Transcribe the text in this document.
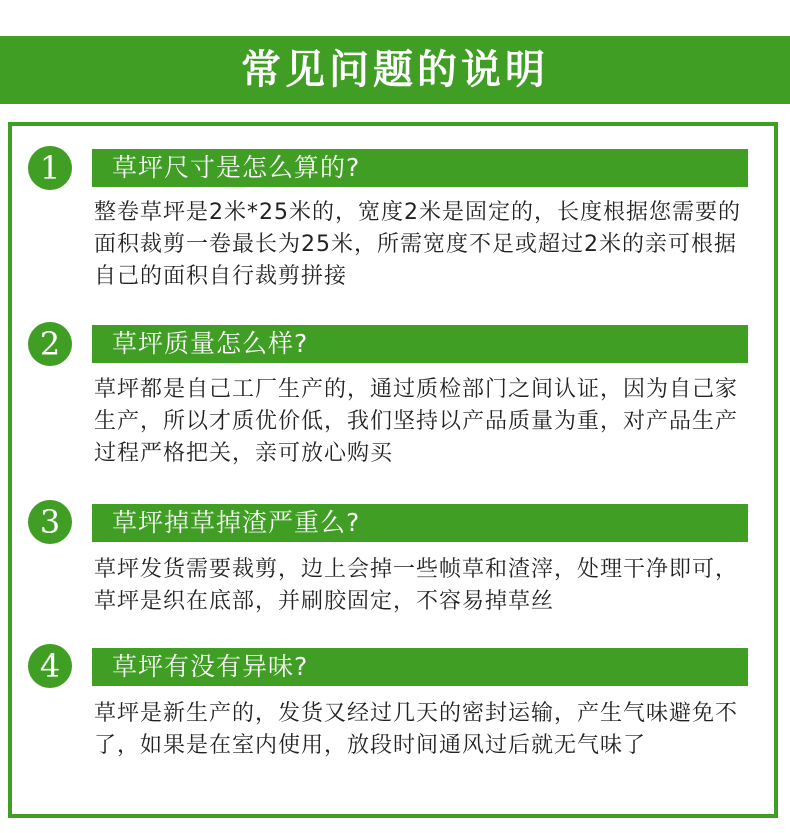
常见问题的说明
1	草坪尺寸是怎么算的?
整卷草坪是2米*25米的，宽度2米是固定的，长度根据您需要的面积裁剪一卷最长为25米，所需宽度不足或超过2米的亲可根据自己的面积自行裁剪拼接
2	草坪质量怎么样?
草坪都是自己工厂生产的，通过质检部门之间认证，因为自己家生产，所以才质优价低，我们坚持以产品质量为重，对产品生产过程严格把关，亲可放心购买
3	草坪掉草掉渣严重么?
草坪发货需要裁剪，边上会掉一些帧草和渣滓，处理干净即可，草坪是织在底部，并刷胶固定，不容易掉草丝
4	草坪有没有异味?
草坪是新生产的，发货又经过几天的密封运输，产生气味避免不了，如果是在室内使用，放段时间通风过后就无气味了
